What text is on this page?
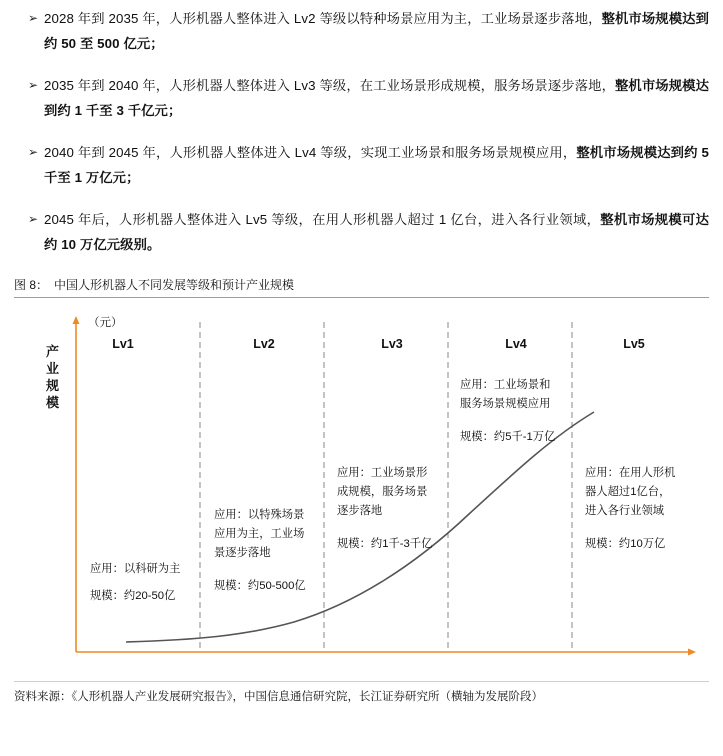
➢ 2028 年到 2035 年，人形机器人整体进入 Lv2 等级以特种场景应用为主，工业场景逐步落地，整机市场规模达到约 50 至 500 亿元；
➢ 2035 年到 2040 年，人形机器人整体进入 Lv3 等级，在工业场景形成规模，服务场景逐步落地，整机市场规模达到约 1 千至 3 千亿元；
➢ 2040 年到 2045 年，人形机器人整体进入 Lv4 等级，实现工业场景和服务场景规模应用，整机市场规模达到约 5 千至 1 万亿元；
➢ 2045 年后，人形机器人整体进入 Lv5 等级，在用人形机器人超过 1 亿台，进入各行业领域，整机市场规模可达约 10 万亿元级别。
图 8： 中国人形机器人不同发展等级和预计产业规模
（元）
产 业 规 模
Lv1	Lv2	Lv3	Lv4	Lv5
应用：以科研为主
规模：约20-50亿
应用：以特殊场景 应用为主，工业场 景逐步落地
规模：约50-500亿
应用：工业场景形 成规模，服务场景 逐步落地
规模：约1千-3千亿
应用：工业场景和 服务场景规模应用
规模：约5千-1万亿
应用：在用人形机 器人超过1亿台， 进入各行业领域
规模：约10万亿
资料来源：《人形机器人产业发展研究报告》，中国信息通信研究院，长江证券研究所（横轴为发展阶段）
